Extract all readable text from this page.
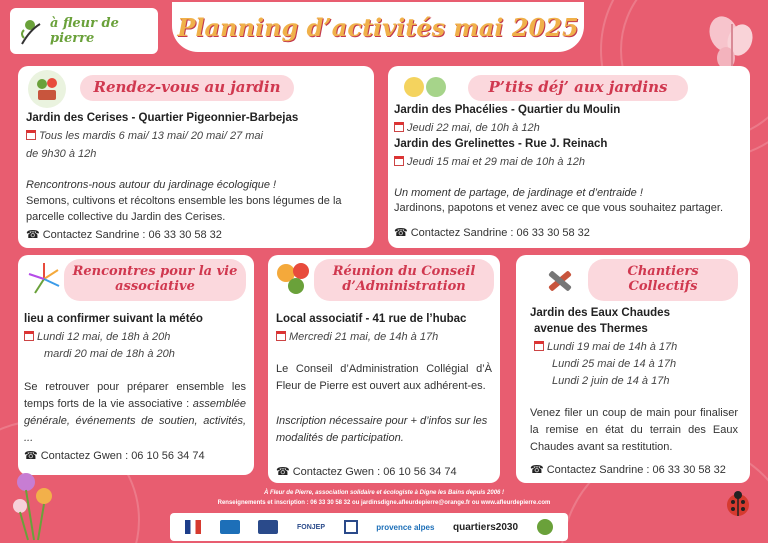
à fleur de pierre	Planning d’activités mai 2025
Rendez-vous au jardin
Jardin des Cerises - Quartier Pigeonnier-Barbejas
Tous les mardis 6 mai/ 13 mai/ 20 mai/ 27 mai
de 9h30 à 12h
Rencontrons-nous autour du jardinage écologique !
Semons, cultivons et récoltons ensemble les bons légumes de la parcelle collective du Jardin des Cerises.
☎ Contactez Sandrine : 06 33 30 58 32
P’tits déj’ aux jardins
Jardin des Phacélies - Quartier du Moulin
Jeudi 22 mai, de 10h à 12h
Jardin des Grelinettes - Rue J. Reinach
Jeudi 15 mai et 29 mai de 10h à 12h
Un moment de partage, de jardinage et d’entraide !
Jardinons, papotons et venez avec ce que vous souhaitez partager.
☎ Contactez Sandrine : 06 33 30 58 32
Rencontres pour la vie
associative
lieu a confirmer suivant la météo
Lundi 12 mai, de 18h à 20h
mardi 20 mai de 18h à 20h
Se retrouver pour préparer ensemble les temps forts de la vie associative : assemblée générale, événements de soutien, activités, ...
☎ Contactez Gwen : 06 10 56 34 74
Réunion du Conseil
d’Administration
Local associatif - 41 rue de l’hubac
Mercredi 21 mai, de 14h à 17h
Le Conseil d’Administration Collégial d’À Fleur de Pierre est ouvert aux adhérent-es.
Inscription nécessaire pour + d’infos sur les modalités de participation.
☎ Contactez Gwen : 06 10 56 34 74
Chantiers
Collectifs
Jardin des Eaux Chaudes
avenue des Thermes
Lundi 19 mai de 14h à 17h
Lundi 25 mai de 14 à 17h
Lundi 2 juin de 14 à 17h
Venez filer un coup de main pour finaliser la remise en état du terrain des Eaux Chaudes avant sa restitution.
☎ Contactez Sandrine : 06 33 30 58 32
À Fleur de Pierre, association solidaire et écologiste à Digne les Bains depuis 2006 !
Renseignements et inscription : 06 33 30 58 32 ou jardinsdigne.afleurdepierre@orange.fr ou www.afleurdepierre.com
FONJEP	provence alpes quartiers2030
